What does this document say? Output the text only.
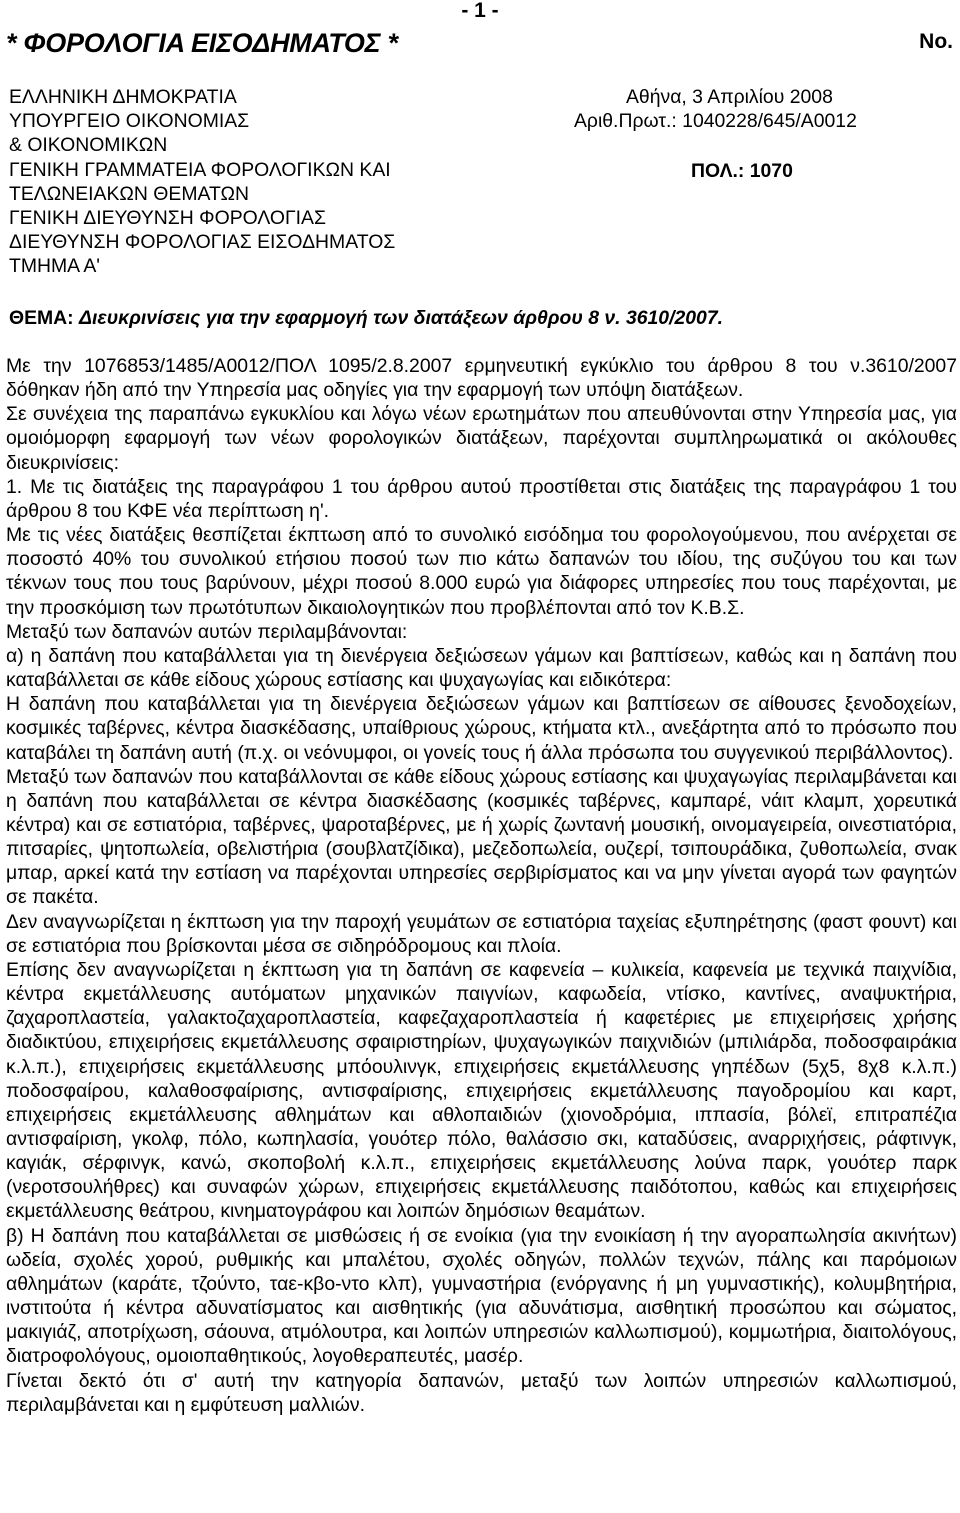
- 1 -
* ΦΟΡΟΛΟΓΙΑ ΕΙΣΟΔΗΜΑΤΟΣ *	No.
ΕΛΛΗΝΙΚΗ ΔΗΜΟΚΡΑΤΙΑ
ΥΠΟΥΡΓΕΙΟ ΟΙΚΟΝΟΜΙΑΣ
& ΟΙΚΟΝΟΜΙΚΩΝ
ΓΕΝΙΚΗ ΓΡΑΜΜΑΤΕΙΑ ΦΟΡΟΛΟΓΙΚΩΝ ΚΑΙ
ΤΕΛΩΝΕΙΑΚΩΝ ΘΕΜΑΤΩΝ
ΓΕΝΙΚΗ ΔΙΕΥΘΥΝΣΗ ΦΟΡΟΛΟΓΙΑΣ
ΔΙΕΥΘΥΝΣΗ ΦΟΡΟΛΟΓΙΑΣ ΕΙΣΟΔΗΜΑΤΟΣ
ΤΜΗΜΑ Α'
Αθήνα, 3 Απριλίου 2008
Αριθ.Πρωτ.: 1040228/645/Α0012
ΠΟΛ.: 1070
ΘΕΜΑ: Διευκρινίσεις για την εφαρμογή των διατάξεων άρθρου 8 ν. 3610/2007.

Με την 1076853/1485/Α0012/ΠΟΛ 1095/2.8.2007 ερμηνευτική εγκύκλιο του άρθρου 8 του ν.3610/2007 δόθηκαν ήδη από την Υπηρεσία μας οδηγίες για την εφαρμογή των υπόψη διατάξεων.

Σε συνέχεια της παραπάνω εγκυκλίου και λόγω νέων ερωτημάτων που απευθύνονται στην Υπηρεσία μας, για ομοιόμορφη εφαρμογή των νέων φορολογικών διατάξεων, παρέχονται συμπληρωματικά οι ακόλουθες διευκρινίσεις:

1. Με τις διατάξεις της παραγράφου 1 του άρθρου αυτού προστίθεται στις διατάξεις της παραγράφου 1 του άρθρου 8 του ΚΦΕ νέα περίπτωση η'.

Με τις νέες διατάξεις θεσπίζεται έκπτωση από το συνολικό εισόδημα του φορολογούμενου, που ανέρχεται σε ποσοστό 40% του συνολικού ετήσιου ποσού των πιο κάτω δαπανών του ιδίου, της συζύγου του και των τέκνων τους που τους βαρύνουν, μέχρι ποσού 8.000 ευρώ για διάφορες υπηρεσίες που τους παρέχονται, με την προσκόμιση των πρωτότυπων δικαιολογητικών που προβλέπονται από τον Κ.Β.Σ.

Μεταξύ των δαπανών αυτών περιλαμβάνονται:

α) η δαπάνη που καταβάλλεται για τη διενέργεια δεξιώσεων γάμων και βαπτίσεων, καθώς και η δαπάνη που καταβάλλεται σε κάθε είδους χώρους εστίασης και ψυχαγωγίας και ειδικότερα:

Η δαπάνη που καταβάλλεται για τη διενέργεια δεξιώσεων γάμων και βαπτίσεων σε αίθουσες ξενοδοχείων, κοσμικές ταβέρνες, κέντρα διασκέδασης, υπαίθριους χώρους, κτήματα κτλ., ανεξάρτητα από το πρόσωπο που καταβάλει τη δαπάνη αυτή (π.χ. οι νεόνυμφοι, οι γονείς τους ή άλλα πρόσωπα του συγγενικού περιβάλλοντος).

Μεταξύ των δαπανών που καταβάλλονται σε κάθε είδους χώρους εστίασης και ψυχαγωγίας περιλαμβάνεται και η δαπάνη που καταβάλλεται σε κέντρα διασκέδασης (κοσμικές ταβέρνες, καμπαρέ, νάιτ κλαμπ, χορευτικά κέντρα) και σε εστιατόρια, ταβέρνες, ψαροταβέρνες, με ή χωρίς ζωντανή μουσική, οινομαγειρεία, οινεστιατόρια, πιτσαρίες, ψητοπωλεία, οβελιστήρια (σουβλατζίδικα), μεζεδοπωλεία, ουζερί, τσιπουράδικα, ζυθοπωλεία, σνακ μπαρ, αρκεί κατά την εστίαση να παρέχονται υπηρεσίες σερβιρίσματος και να μην γίνεται αγορά των φαγητών σε πακέτα.

Δεν αναγνωρίζεται η έκπτωση για την παροχή γευμάτων σε εστιατόρια ταχείας εξυπηρέτησης (φαστ φουντ) και σε εστιατόρια που βρίσκονται μέσα σε σιδηρόδρομους και πλοία.

Επίσης δεν αναγνωρίζεται η έκπτωση για τη δαπάνη σε καφενεία – κυλικεία, καφενεία με τεχνικά παιχνίδια, κέντρα εκμετάλλευσης αυτόματων μηχανικών παιγνίων, καφωδεία, ντίσκο, καντίνες, αναψυκτήρια, ζαχαροπλαστεία, γαλακτοζαχαροπλαστεία, καφεζαχαροπλαστεία ή καφετέριες με επιχειρήσεις χρήσης διαδικτύου, επιχειρήσεις εκμετάλλευσης σφαιριστηρίων, ψυχαγωγικών παιχνιδιών (μπιλιάρδα, ποδοσφαιράκια κ.λ.π.), επιχειρήσεις εκμετάλλευσης μπόουλινγκ, επιχειρήσεις εκμετάλλευσης γηπέδων (5χ5, 8χ8 κ.λ.π.) ποδοσφαίρου, καλαθοσφαίρισης, αντισφαίρισης, επιχειρήσεις εκμετάλλευσης παγοδρομίου και καρτ, επιχειρήσεις εκμετάλλευσης αθλημάτων και αθλοπαιδιών (χιονοδρόμια, ιππασία, βόλεϊ, επιτραπέζια αντισφαίριση, γκολφ, πόλο, κωπηλασία, γουότερ πόλο, θαλάσσιο σκι, καταδύσεις, αναρριχήσεις, ράφτινγκ, καγιάκ, σέρφινγκ, κανώ, σκοποβολή κ.λ.π., επιχειρήσεις εκμετάλλευσης λούνα παρκ, γουότερ παρκ (νεροτσουλήθρες) και συναφών χώρων, επιχειρήσεις εκμετάλλευσης παιδότοπου, καθώς και επιχειρήσεις εκμετάλλευσης θεάτρου, κινηματογράφου και λοιπών δημόσιων θεαμάτων.

β) Η δαπάνη που καταβάλλεται σε μισθώσεις ή σε ενοίκια (για την ενοικίαση ή την αγοραπωλησία ακινήτων) ωδεία, σχολές χορού, ρυθμικής και μπαλέτου, σχολές οδηγών, πολλών τεχνών, πάλης και παρόμοιων αθλημάτων (καράτε, τζούντο, ταε-κβο-ντο κλπ), γυμναστήρια (ενόργανης ή μη γυμναστικής), κολυμβητήρια, ινστιτούτα ή κέντρα αδυνατίσματος και αισθητικής (για αδυνάτισμα, αισθητική προσώπου και σώματος, μακιγιάζ, αποτρίχωση, σάουνα, ατμόλουτρα, και λοιπών υπηρεσιών καλλωπισμού), κομμωτήρια, διαιτολόγους, διατροφολόγους, ομοιοπαθητικούς, λογοθεραπευτές, μασέρ.

Γίνεται δεκτό ότι σ' αυτή την κατηγορία δαπανών, μεταξύ των λοιπών υπηρεσιών καλλωπισμού, περιλαμβάνεται και η εμφύτευση μαλλιών.
